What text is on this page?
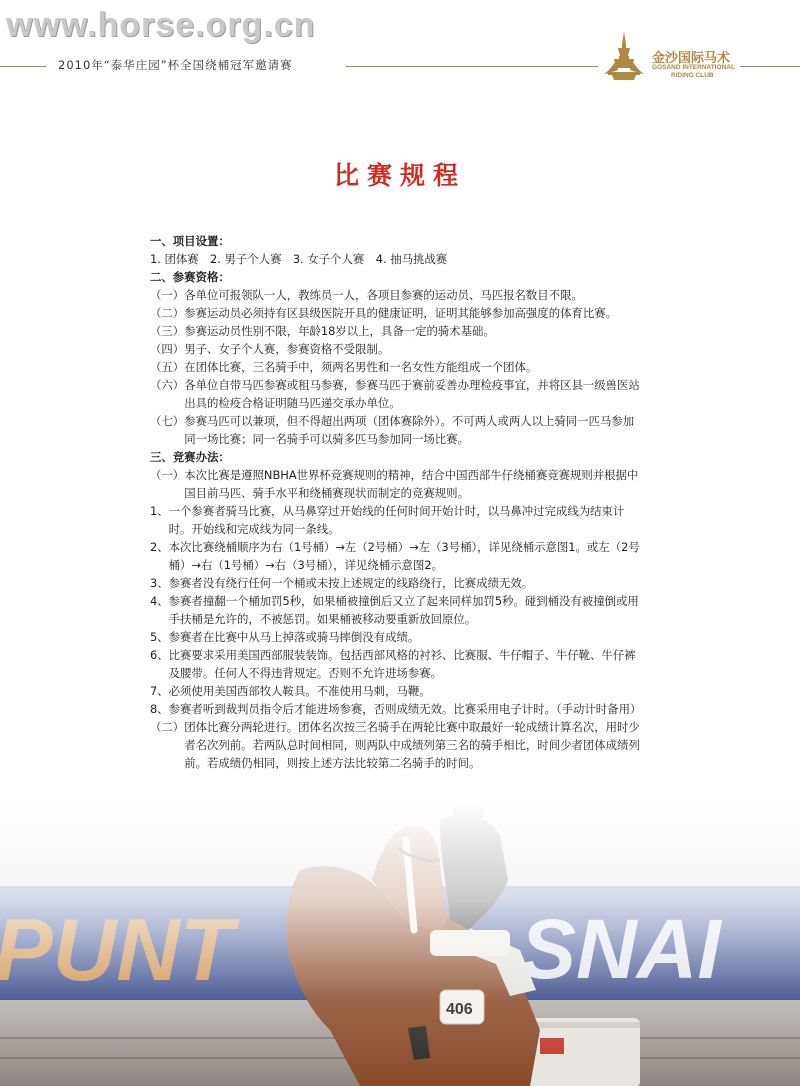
www.horse.org.cn
2010年“泰华庄园”杯全国绕桶冠军邀请赛	金沙国际马术
GOSAND INTERNATIONAL
RIDING CLUB
比赛规程
一、项目设置：
1. 团体赛　2. 男子个人赛　3. 女子个人赛　4. 抽马挑战赛
二、参赛资格：
（一） 各单位可报领队一人，教练员一人，各项目参赛的运动员、马匹报名数目不限。
（二） 参赛运动员必须持有区县级医院开具的健康证明，证明其能够参加高强度的体育比赛。
（三） 参赛运动员性别不限，年龄18岁以上，具备一定的骑术基础。
（四） 男子、女子个人赛，参赛资格不受限制。
（五） 在团体比赛，三名骑手中，须两名男性和一名女性方能组成一个团体。
（六） 各单位自带马匹参赛或租马参赛，参赛马匹于赛前妥善办理检疫事宜，并将区县一级兽医站出具的检疫合格证明随马匹递交承办单位。
（七） 参赛马匹可以兼项，但不得超出两项（团体赛除外）。不可两人或两人以上骑同一匹马参加同一场比赛；同一名骑手可以骑多匹马参加同一场比赛。
三、竞赛办法：
（一） 本次比赛是遵照NBHA世界杯竞赛规则的精神，结合中国西部牛仔绕桶赛竞赛规则并根据中国目前马匹、骑手水平和绕桶赛现状而制定的竞赛规则。
1、 一个参赛者骑马比赛，从马鼻穿过开始线的任何时间开始计时，以马鼻冲过完成线为结束计时。开始线和完成线为同一条线。
2、 本次比赛绕桶顺序为右（1号桶）→左（2号桶）→左（3号桶），详见绕桶示意图1。或左（2号桶）→右（1号桶）→右（3号桶），详见绕桶示意图2。
3、 参赛者没有绕行任何一个桶或未按上述规定的线路绕行，比赛成绩无效。
4、 参赛者撞翻一个桶加罚5秒，如果桶被撞倒后又立了起来同样加罚5秒。碰到桶没有被撞倒或用手扶桶是允许的，不被惩罚。如果桶被移动要重新放回原位。
5、 参赛者在比赛中从马上掉落或骑马摔倒没有成绩。
6、 比赛要求采用美国西部服装装饰。包括西部风格的衬衫、比赛服、牛仔帽子、牛仔靴、牛仔裤及腰带。任何人不得违背规定。否则不允许进场参赛。
7、 必须使用美国西部牧人鞍具。不准使用马刺，马鞭。
8、 参赛者听到裁判员指令后才能进场参赛，否则成绩无效。比赛采用电子计时。（手动计时备用）
（二） 团体比赛分两轮进行。团体名次按三名骑手在两轮比赛中取最好一轮成绩计算名次，用时少者名次列前。若两队总时间相同，则两队中成绩列第三名的骑手相比，时间少者团体成绩列前。若成绩仍相同，则按上述方法比较第二名骑手的时间。
